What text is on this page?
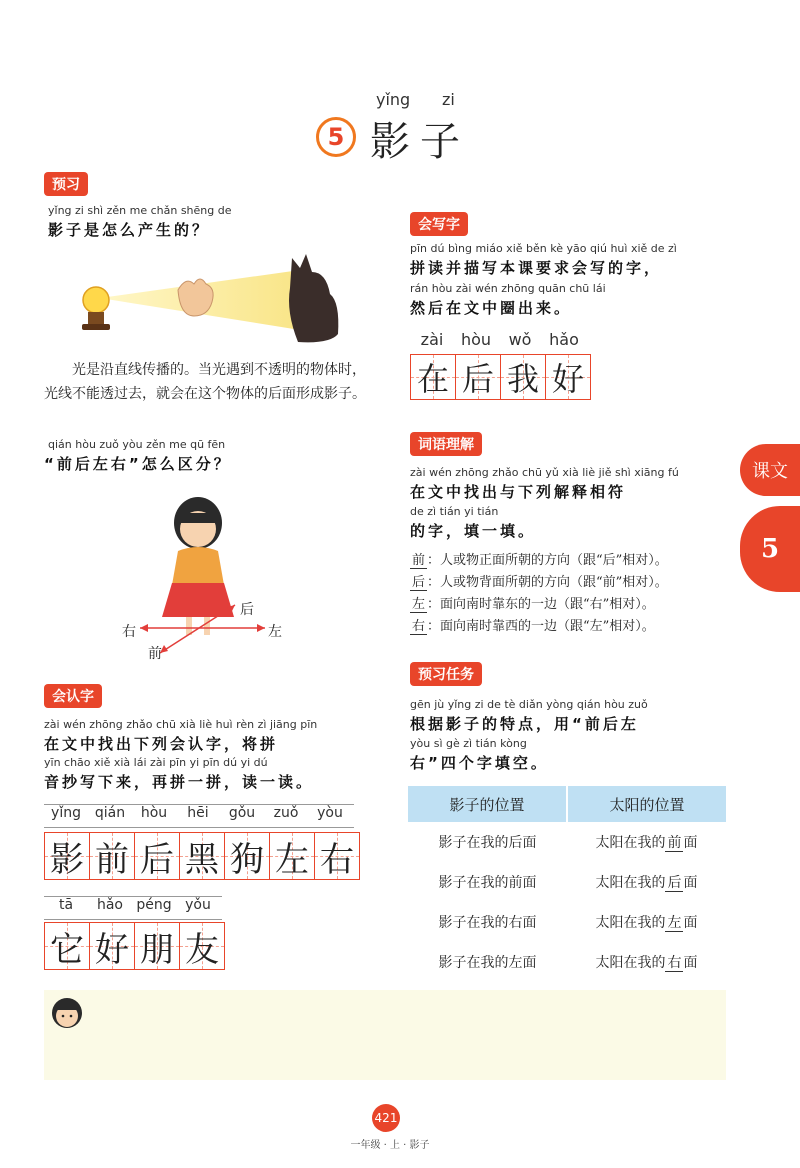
yǐng zi
5 影子
预习
yǐng zi shì zěn me chǎn shēng de
影子是怎么产生的？
光是沿直线传播的。当光遇到不透明的物体时，光线不能透过去，就会在这个物体的后面形成影子。
qián hòu zuǒ yòu zěn me qū fēn
“前后左右”怎么区分？
后
右	左
前
会认字
zài wén zhōng zhǎo chū xià liè huì rèn zì jiāng pīn
在文中找出下列会认字，将拼
yīn chāo xiě xià lái zài pīn yi pīn dú yi dú
音抄写下来，再拼一拼，读一读。
yǐng qián	hòu	hēi	gǒu	zuǒ	yòu
影 前 后 黑 狗 左 右
tā	hǎo péng yǒu
它 好 朋 友
会写字
pīn dú bìng miáo xiě běn kè yāo qiú huì xiě de zì
拼读并描写本课要求会写的字，
rán hòu zài wén zhōng quān chū lái
然后在文中圈出来。
zài	hòu	wǒ	hǎo
在 后 我 好
词语理解
zài wén zhōng zhǎo chū yǔ xià liè jiě shì xiāng fú
在文中找出与下列解释相符
de zì tián yi tián
的字，填一填。
前 ：人或物正面所朝的方向（跟“后”相对）。
后 ：人或物背面所朝的方向（跟“前”相对）。
左 ：面向南时靠东的一边（跟“右”相对）。
右 ：面向南时靠西的一边（跟“左”相对）。
预习任务
gēn jù yǐng zi de tè diǎn yòng qián hòu zuǒ
根据影子的特点，用“前后左
yòu sì gè zì tián kòng
右”四个字填空。
影子的位置	太阳的位置
影子在我的后面	太阳在我的 前 面
影子在我的前面	太阳在我的 后 面
影子在我的右面	太阳在我的 左 面
影子在我的左面	太阳在我的 右 面
课文
5
421
一年级 · 上 · 影子
